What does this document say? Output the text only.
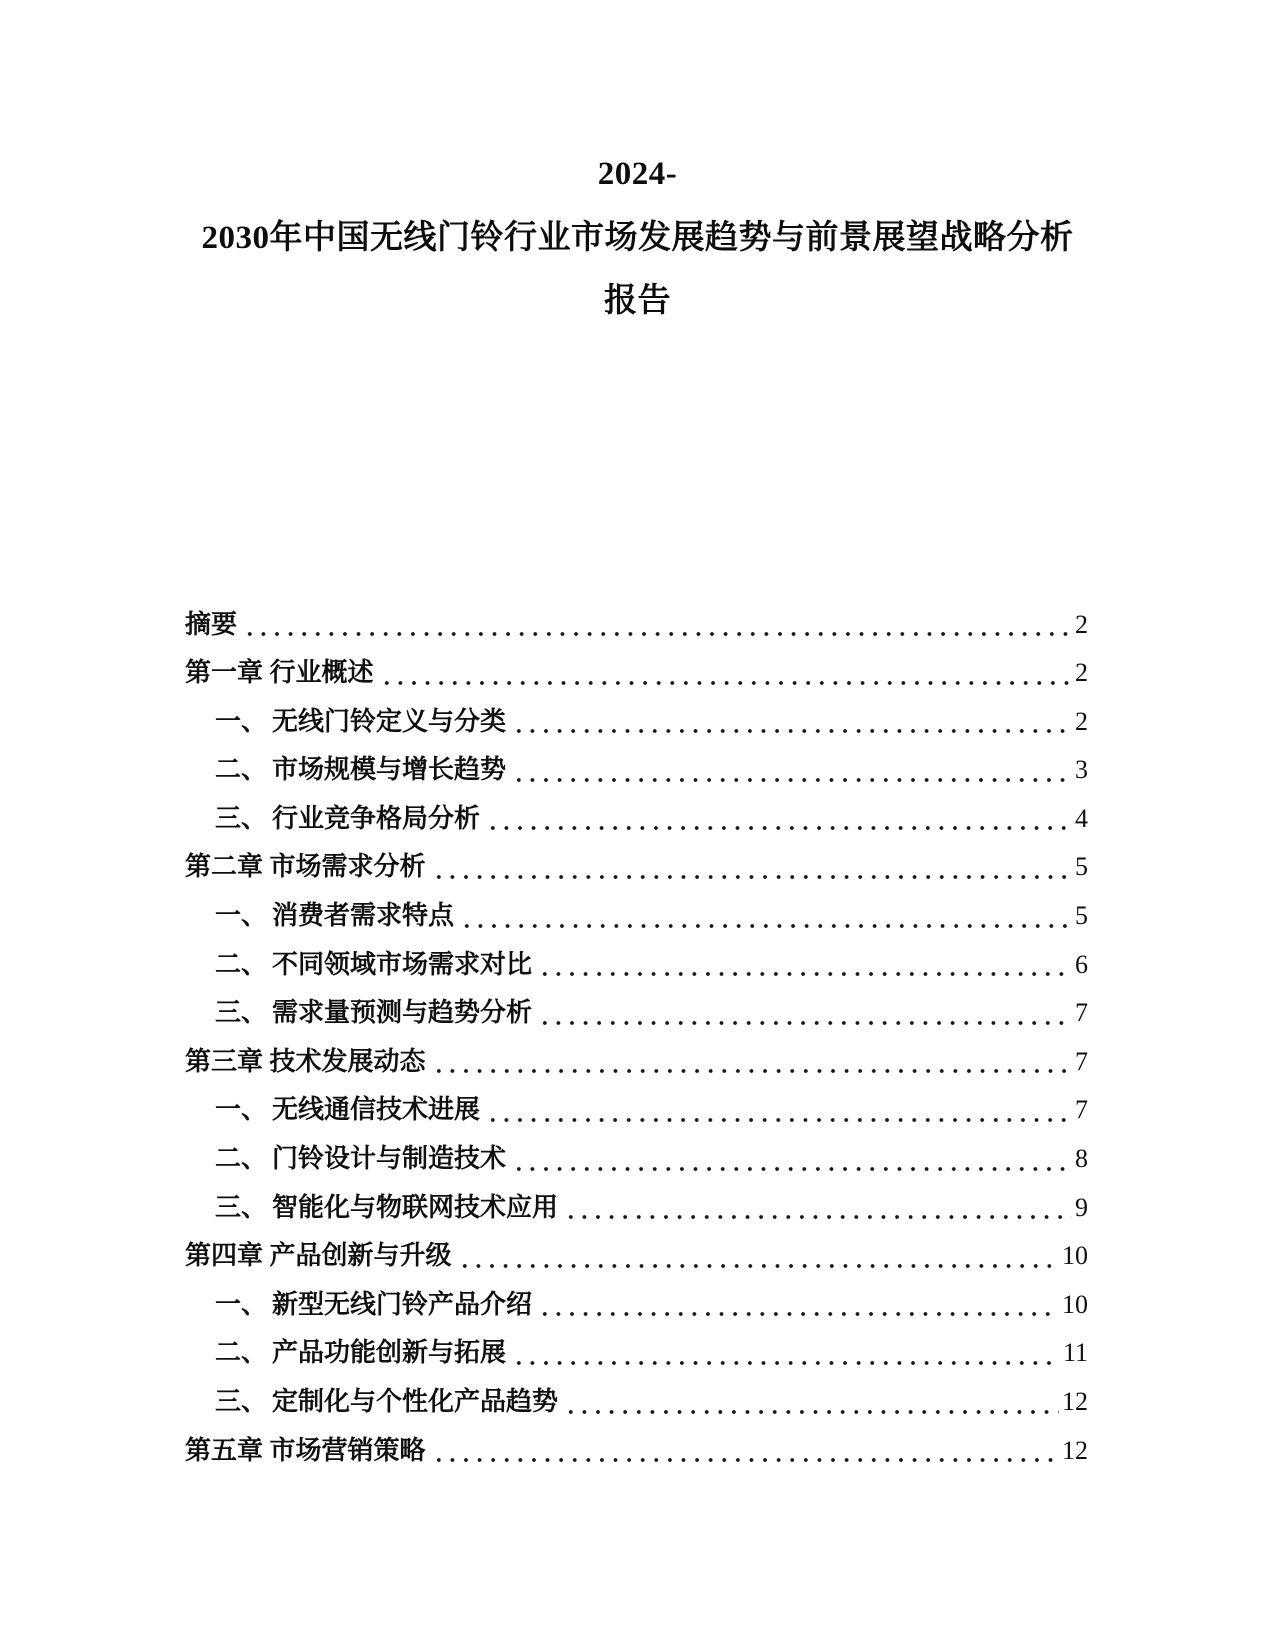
2024-
2030年中国无线门铃行业市场发展趋势与前景展望战略分析
报告
摘要	2
第一章 行业概述	2
一、 无线门铃定义与分类	2
二、 市场规模与增长趋势	3
三、 行业竞争格局分析	4
第二章 市场需求分析	5
一、 消费者需求特点	5
二、 不同领域市场需求对比	6
三、 需求量预测与趋势分析	7
第三章 技术发展动态	7
一、 无线通信技术进展	7
二、 门铃设计与制造技术	8
三、 智能化与物联网技术应用	9
第四章 产品创新与升级	10
一、 新型无线门铃产品介绍	10
二、 产品功能创新与拓展	11
三、 定制化与个性化产品趋势	12
第五章 市场营销策略	12
